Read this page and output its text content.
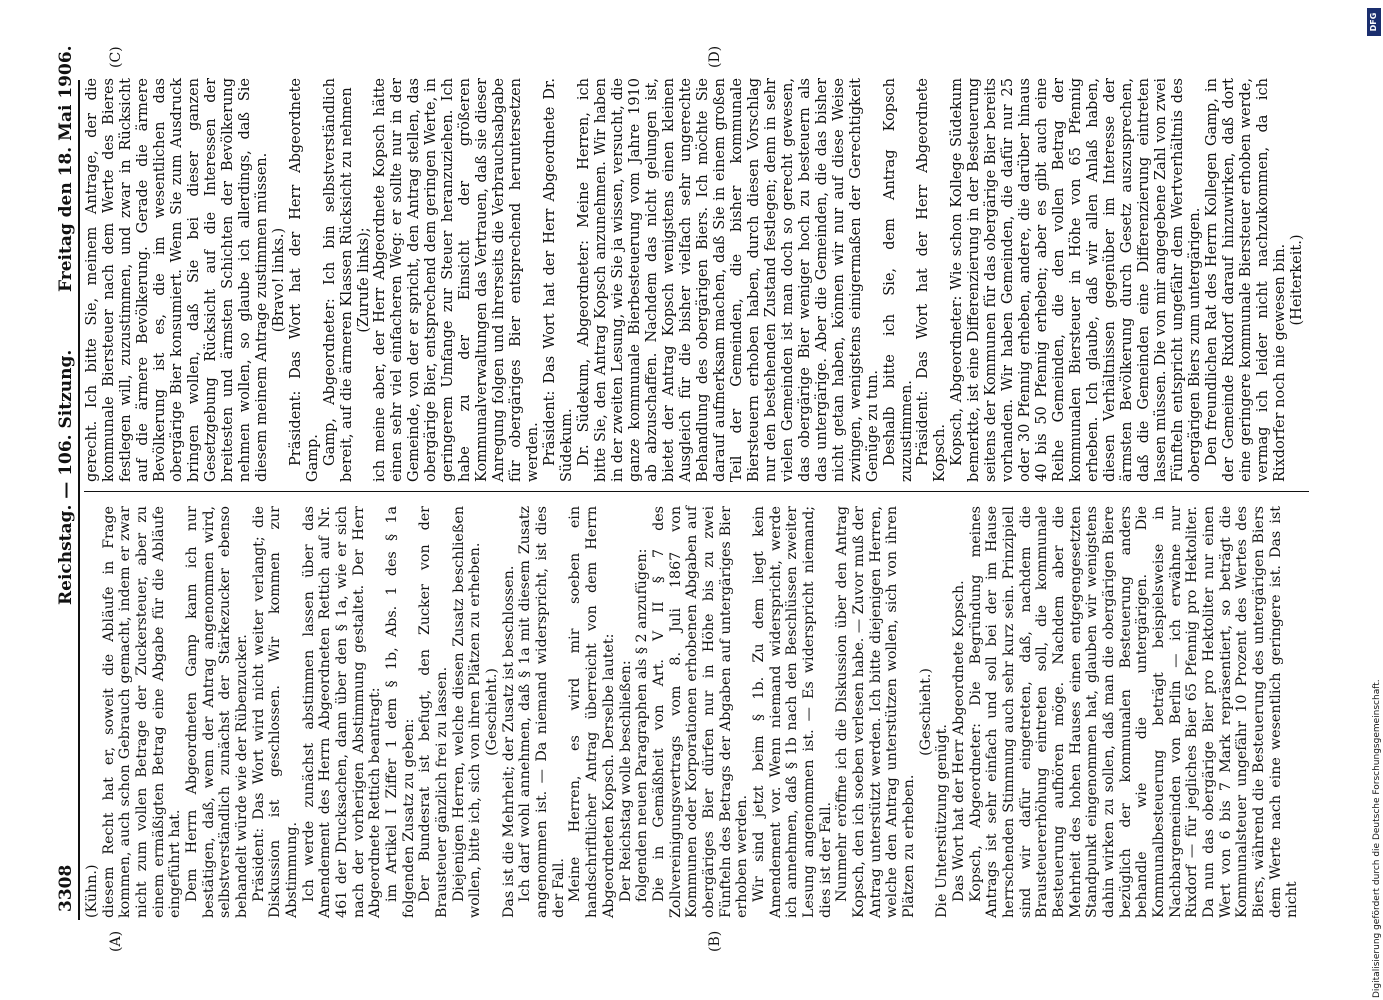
3308
Reichstag. — 106. Sitzung.
Freitag den 18. Mai 1906.
(A)	(B)
(C)	(D)

(Kühn.) diesem Recht hat er, soweit die Abläufe in Frage kommen, auch schon Gebrauch gemacht, indem er zwar nicht zum vollen Betrage der Zuckersteuer, aber zu einem ermäßigten Betrag eine Abgabe für die Abläufe eingeführt hat. Dem Herrn Abgeordneten Gamp kann ich nur bestätigen, daß, wenn der Antrag angenommen wird, selbstverständlich zunächst der Stärkezucker ebenso behandelt würde wie der Rübenzucker. Präsident: Das Wort wird nicht weiter verlangt; die Diskussion ist geschlossen. Wir kommen zur Abstimmung. Ich werde zunächst abstimmen lassen über das Amendement des Herrn Abgeordneten Rettich auf Nr. 461 der Drucksachen, dann über den § 1a, wie er sich nach der vorherigen Abstimmung gestaltet. Der Herr Abgeordnete Rettich beantragt: im Artikel I Ziffer 1 dem § 1b, Abs. 1 des § 1a folgenden Zusatz zu geben: Der Bundesrat ist befugt, den Zucker von der Brausteuer gänzlich frei zu lassen. Diejenigen Herren, welche diesen Zusatz beschließen wollen, bitte ich, sich von ihren Plätzen zu erheben. (Geschieht.) Das ist die Mehrheit; der Zusatz ist beschlossen. Ich darf wohl annehmen, daß § 1a mit diesem Zusatz angenommen ist. — Da niemand widerspricht, ist dies der Fall. Meine Herren, es wird mir soeben ein handschriftlicher Antrag überreicht von dem Herrn Abgeordneten Kopsch. Derselbe lautet: Der Reichstag wolle beschließen: folgenden neuen Paragraphen als § 2 anzufügen: Die in Gemäßheit von Art. V II § 7 des Zollvereinigungsvertrags vom 8. Juli 1867 von Kommunen oder Korporationen erhobenen Abgaben auf obergäriges Bier dürfen nur in Höhe bis zu zwei Fünfteln des Betrags der Abgaben auf untergäriges Bier erhoben werden. Wir sind jetzt beim § 1b. Zu dem liegt kein Amendement vor. Wenn niemand widerspricht, werde ich annehmen, daß § 1b nach den Beschlüssen zweiter Lesung angenommen ist. — Es widerspricht niemand; dies ist der Fall. Nunmehr eröffne ich die Diskussion über den Antrag Kopsch, den ich soeben verlesen habe. — Zuvor muß der Antrag unterstützt werden. Ich bitte diejenigen Herren, welche den Antrag unterstützen wollen, sich von ihren Plätzen zu erheben.

(Geschieht.)

Die Unterstützung genügt. Das Wort hat der Herr Abgeordnete Kopsch. Kopsch, Abgeordneter: Die Begründung meines Antrags ist sehr einfach und soll bei der im Hause herrschenden Stimmung auch sehr kurz sein. Prinzipiell sind wir dafür eingetreten, daß, nachdem die Brausteuererhöhung eintreten soll, die kommunale Besteuerung aufhören möge. Nachdem aber die Mehrheit des hohen Hauses einen entgegengesetzten Standpunkt eingenommen hat, glauben wir wenigstens dahin wirken zu sollen, daß man die obergärigen Biere bezüglich der kommunalen Besteuerung anders behandle wie die untergärigen. Die Kommunalbesteuerung beträgt beispielsweise in Nachbargemeinden von Berlin — ich erwähne nur Rixdorf — für jegliches Bier 65 Pfennig pro Hektoliter. Da nun das obergärige Bier pro Hektoliter nur einen Wert von 6 bis 7 Mark repräsentiert, so beträgt die Kommunalsteuer ungefähr 10 Prozent des Wertes des Biers, während die Besteuerung des untergärigen Biers dem Werte nach eine wesentlich geringere ist. Das ist nicht

gerecht. Ich bitte Sie, meinem Antrage, der die kommunale Biersteuer nach dem Werte des Bieres festlegen will, zuzustimmen, und zwar in Rücksicht auf die ärmere Bevölkerung. Gerade die ärmere Bevölkerung ist es, die im wesentlichen das obergärige Bier konsumiert. Wenn Sie zum Ausdruck bringen wollen, daß Sie bei dieser ganzen Gesetzgebung Rücksicht auf die Interessen der breitesten und ärmsten Schichten der Bevölkerung nehmen wollen, so glaube ich allerdings, daß Sie diesem meinem Antrage zustimmen müssen. (Bravo! links.) Präsident: Das Wort hat der Herr Abgeordnete Gamp. Gamp, Abgeordneter: Ich bin selbstverständlich bereit, auf die ärmeren Klassen Rücksicht zu nehmen (Zurufe links); ich meine aber, der Herr Abgeordnete Kopsch hätte einen sehr viel einfacheren Weg: er sollte nur in der Gemeinde, von der er spricht, den Antrag stellen, das obergärige Bier, entsprechend dem geringen Werte, in geringerem Umfange zur Steuer heranzuziehen. Ich habe zu der Einsicht der größeren Kommunalverwaltungen das Vertrauen, daß sie dieser Anregung folgen und ihrerseits die Verbrauchsabgabe für obergäriges Bier entsprechend heruntersetzen werden. Präsident: Das Wort hat der Herr Abgeordnete Dr. Südekum. Dr. Südekum, Abgeordneter: Meine Herren, ich bitte Sie, den Antrag Kopsch anzunehmen. Wir haben in der zweiten Lesung, wie Sie ja wissen, versucht, die ganze kommunale Bierbesteuerung vom Jahre 1910 ab abzuschaffen. Nachdem das nicht gelungen ist, bietet der Antrag Kopsch wenigstens einen kleinen Ausgleich für die bisher vielfach sehr ungerechte Behandlung des obergärigen Biers. Ich möchte Sie darauf aufmerksam machen, daß Sie in einem großen Teil der Gemeinden, die bisher kommunale Biersteuern erhoben haben, durch diesen Vorschlag nur den bestehenden Zustand festlegen; denn in sehr vielen Gemeinden ist man doch so gerecht gewesen, das obergärige Bier weniger hoch zu besteuern als das untergärige. Aber die Gemeinden, die das bisher nicht getan haben, können wir nur auf diese Weise zwingen, wenigstens einigermaßen der Gerechtigkeit Genüge zu tun. Deshalb bitte ich Sie, dem Antrag Kopsch zuzustimmen. Präsident: Das Wort hat der Herr Abgeordnete Kopsch. Kopsch, Abgeordneter: Wie schon Kollege Südekum bemerkte, ist eine Differenzierung in der Besteuerung seitens der Kommunen für das obergärige Bier bereits vorhanden. Wir haben Gemeinden, die dafür nur 25 oder 30 Pfennig erheben, andere, die darüber hinaus 40 bis 50 Pfennig erheben; aber es gibt auch eine Reihe Gemeinden, die den vollen Betrag der kommunalen Biersteuer in Höhe von 65 Pfennig erheben. Ich glaube, daß wir allen Anlaß haben, diesen Verhältnissen gegenüber im Interesse der ärmsten Bevölkerung durch Gesetz auszusprechen, daß die Gemeinden eine Differenzierung eintreten lassen müssen. Die von mir angegebene Zahl von zwei Fünfteln entspricht ungefähr dem Wertverhältnis des obergärigen Biers zum untergärigen. Den freundlichen Rat des Herrn Kollegen Gamp, in der Gemeinde Rixdorf darauf hinzuwirken, daß dort eine geringere kommunale Biersteuer erhoben werde, vermag ich leider nicht nachzukommen, da ich Rixdorfer noch nie gewesen bin. (Heiterkeit.)

DFG
Digitalisierung gefördert durch die Deutsche Forschungsgemeinschaft.
